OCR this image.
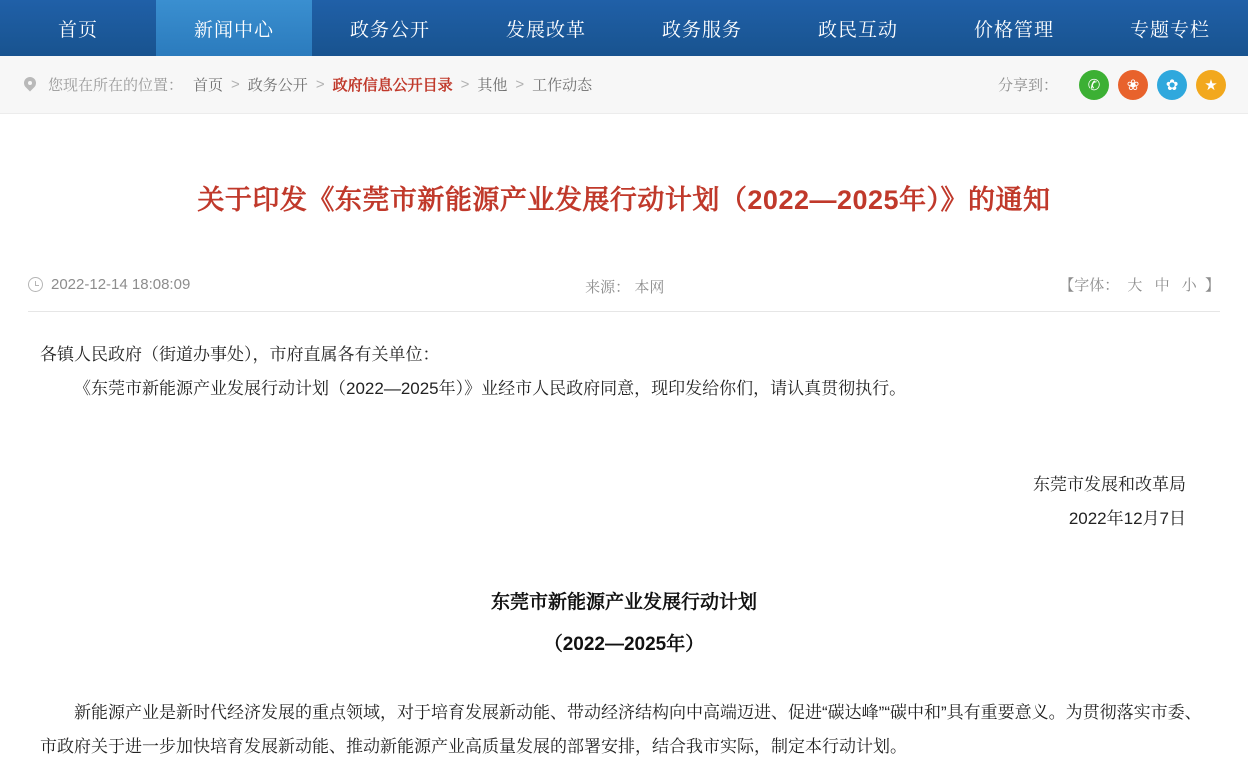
首页	新闻中心	政务公开	发展改革	政务服务	政民互动	价格管理	专题专栏
您现在所在的位置： 首页 > 政务公开 > 政府信息公开目录 > 其他 > 工作动态	分享到：	✆	❀	✿	★
关于印发《东莞市新能源产业发展行动计划（2022—2025年）》的通知
2022-12-14 18:08:09	来源： 本网	【字体： 大 中 小 】

各镇人民政府（街道办事处），市府直属各有关单位：

《东莞市新能源产业发展行动计划（2022—2025年）》业经市人民政府同意，现印发给你们，请认真贯彻执行。

东莞市发展和改革局
2022年12月7日
东莞市新能源产业发展行动计划
（2022—2025年）

新能源产业是新时代经济发展的重点领域，对于培育发展新动能、带动经济结构向中高端迈进、促进“碳达峰”“碳中和”具有重要意义。为贯彻落实市委、市政府关于进一步加快培育发展新动能、推动新能源产业高质量发展的部署安排，结合我市实际，制定本行动计划。
